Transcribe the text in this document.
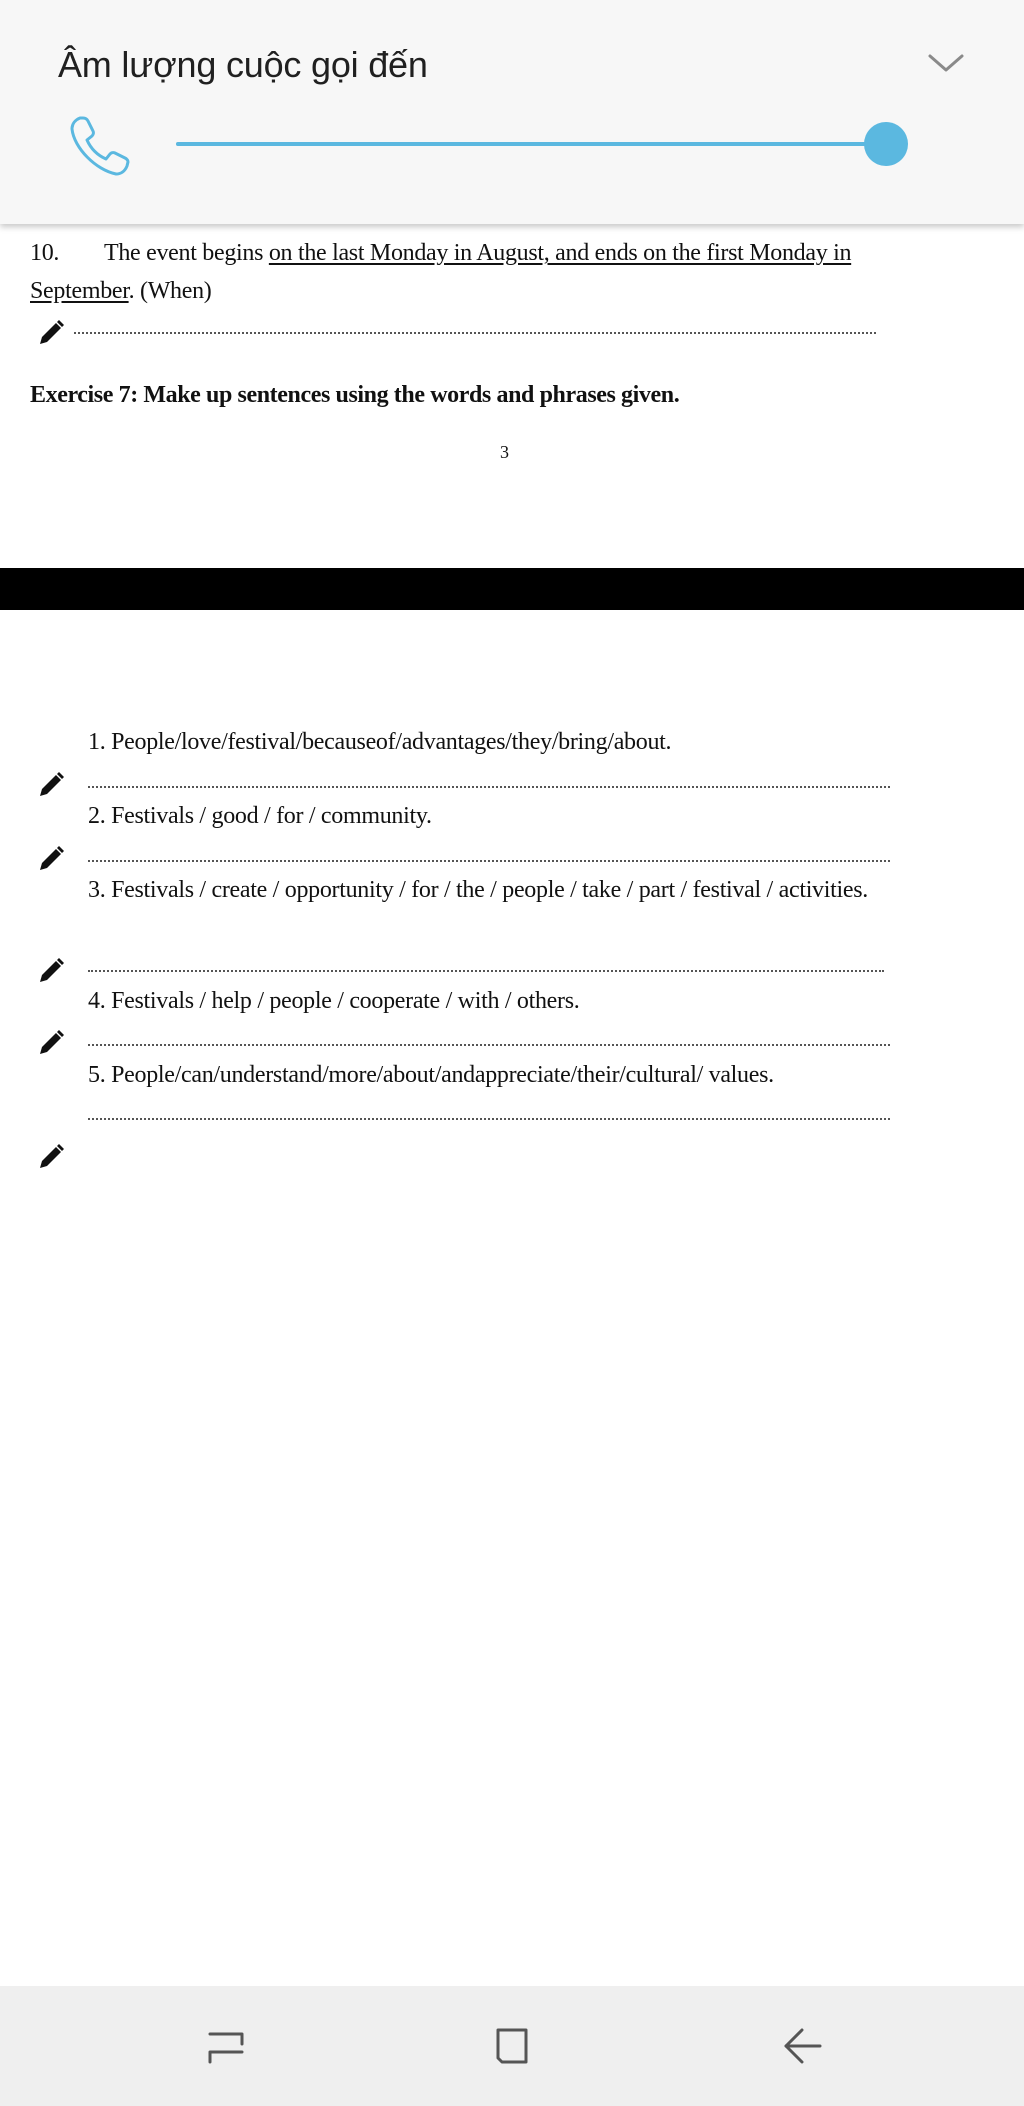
10. The event begins on the last Monday in August, and ends on the first Monday in
September. (When)
Exercise 7: Make up sentences using the words and phrases given.
3
1. People/love/festival/becauseof/advantages/they/bring/about.
2. Festivals / good / for / community.
3. Festivals / create / opportunity / for / the / people / take / part / festival / activities.
4. Festivals / help / people / cooperate / with / others.
5. People/can/understand/more/about/andappreciate/their/cultural/ values.
Âm lượng cuộc gọi đến
